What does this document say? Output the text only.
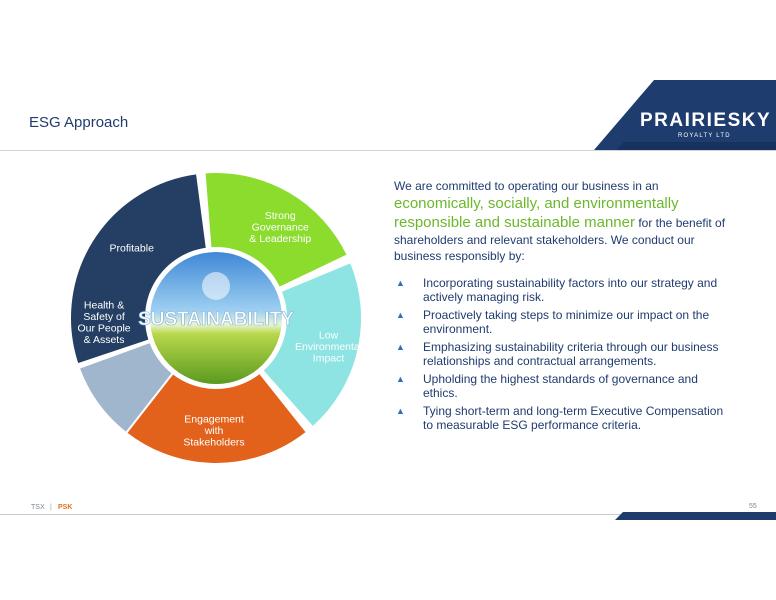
ESG Approach	PRAIRIESKY
ROYALTY LTD
SUSTAINABILITY
Profitable
Strong
Governance
& Leadership
Low
Environmental
Impact
Engagement
with
Stakeholders
Health &
Safety of
Our People
& Assets
We are committed to operating our business in an economically, socially, and environmentally responsible and sustainable manner for the benefit of shareholders and relevant stakeholders. We conduct our business responsibly by:
▲ Incorporating sustainability factors into our strategy and actively managing risk.
▲ Proactively taking steps to minimize our impact on the environment.
▲ Emphasizing sustainability criteria through our business relationships and contractual arrangements.
▲ Upholding the highest standards of governance and ethics.
▲ Tying short-term and long-term Executive Compensation to measurable ESG performance criteria.
TSX | PSK	55
